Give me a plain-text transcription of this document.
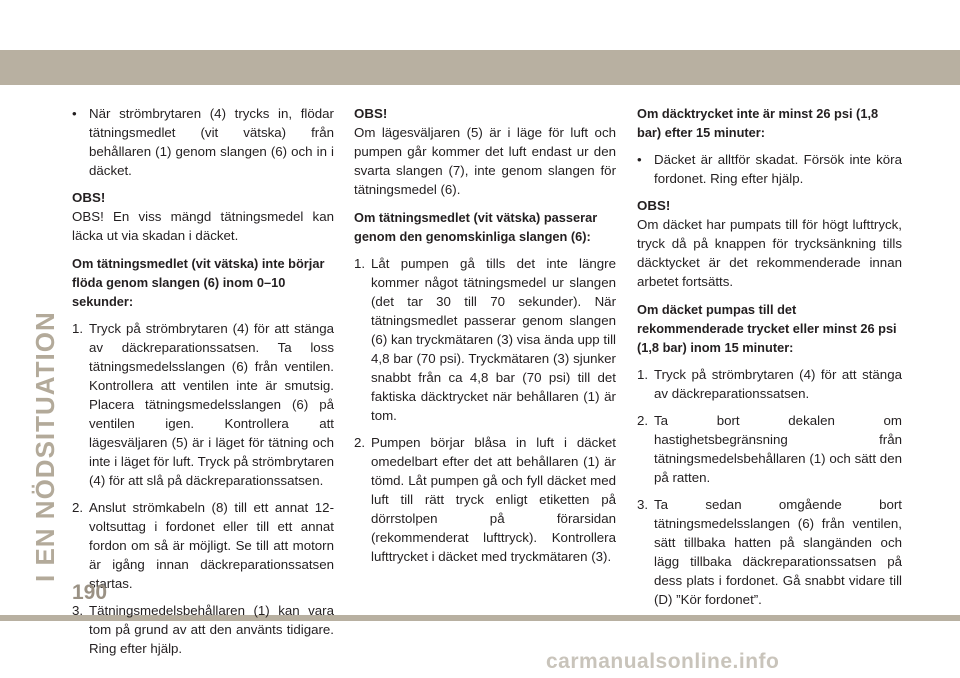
I EN NÖDSITUATION
• När strömbrytaren (4) trycks in, flödar tätningsmedlet (vit vätska) från behållaren (1) genom slangen (6) och in i däcket.

OBS!

OBS! En viss mängd tätningsmedel kan läcka ut via skadan i däcket.

Om tätningsmedlet (vit vätska) inte börjar flöda genom slangen (6) inom 0–10 sekunder:

1. Tryck på strömbrytaren (4) för att stänga av däckreparationssatsen. Ta loss tätningsmedelsslangen (6) från ventilen. Kontrollera att ventilen inte är smutsig. Placera tätningsmedelsslangen (6) på ventilen igen. Kontrollera att lägesväljaren (5) är i läget för tätning och inte i läget för luft. Tryck på strömbrytaren (4) för att slå på däckreparationssatsen.
2. Anslut strömkabeln (8) till ett annat 12-voltsuttag i fordonet eller till ett annat fordon om så är möjligt. Se till att motorn är igång innan däckreparationssatsen startas.
3. Tätningsmedelsbehållaren (1) kan vara tom på grund av att den använts tidigare. Ring efter hjälp.

OBS!

Om lägesväljaren (5) är i läge för luft och pumpen går kommer det luft endast ur den svarta slangen (7), inte genom slangen för tätningsmedel (6).

Om tätningsmedlet (vit vätska) passerar genom den genomskinliga slangen (6):

1. Låt pumpen gå tills det inte längre kommer något tätningsmedel ur slangen (det tar 30 till 70 sekunder). När tätningsmedlet passerar genom slangen (6) kan tryckmätaren (3) visa ända upp till 4,8 bar (70 psi). Tryckmätaren (3) sjunker snabbt från ca 4,8 bar (70 psi) till det faktiska däcktrycket när behållaren (1) är tom.
2. Pumpen börjar blåsa in luft i däcket omedelbart efter det att behållaren (1) är tömd. Låt pumpen gå och fyll däcket med luft till rätt tryck enligt etiketten på dörrstolpen på förarsidan (rekommenderat lufttryck). Kontrollera lufttrycket i däcket med tryckmätaren (3).

Om däcktrycket inte är minst 26 psi (1,8 bar) efter 15 minuter:

• Däcket är alltför skadat. Försök inte köra fordonet. Ring efter hjälp.

OBS!

Om däcket har pumpats till för högt lufttryck, tryck då på knappen för trycksänkning tills däcktycket är det rekommenderade innan arbetet fortsätts.

Om däcket pumpas till det rekommenderade trycket eller minst 26 psi (1,8 bar) inom 15 minuter:

1. Tryck på strömbrytaren (4) för att stänga av däckreparationssatsen.
2. Ta bort dekalen om hastighetsbegränsning från tätningsmedelsbehållaren (1) och sätt den på ratten.
3. Ta sedan omgående bort tätningsmedelsslangen (6) från ventilen, sätt tillbaka hatten på slangänden och lägg tillbaka däckreparationssatsen på dess plats i fordonet. Gå snabbt vidare till (D) ”Kör fordonet”.
190
carmanualsonline.info
